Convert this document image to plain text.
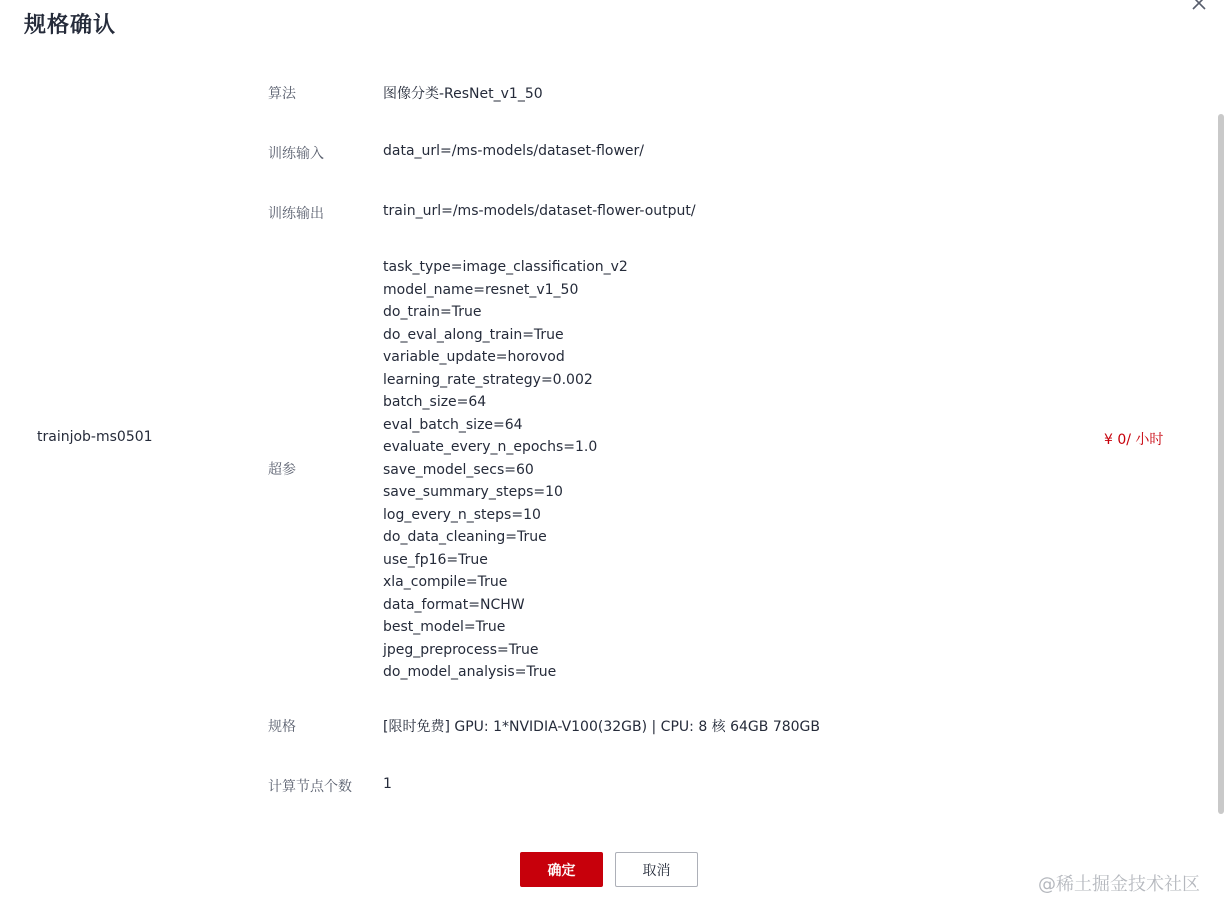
规格确认
trainjob-ms0501	¥ 0/ 小时
算法	图像分类-ResNet_v1_50
训练输入	data_url=/ms-models/dataset-flower/
训练输出	train_url=/ms-models/dataset-flower-output/
超参
task_type=image_classification_v2
model_name=resnet_v1_50
do_train=True
do_eval_along_train=True
variable_update=horovod
learning_rate_strategy=0.002
batch_size=64
eval_batch_size=64
evaluate_every_n_epochs=1.0
save_model_secs=60
save_summary_steps=10
log_every_n_steps=10
do_data_cleaning=True
use_fp16=True
xla_compile=True
data_format=NCHW
best_model=True
jpeg_preprocess=True
do_model_analysis=True
规格	[限时免费] GPU: 1*NVIDIA-V100(32GB) | CPU: 8 核 64GB 780GB
计算节点个数 1
确定	取消
@稀土掘金技术社区
